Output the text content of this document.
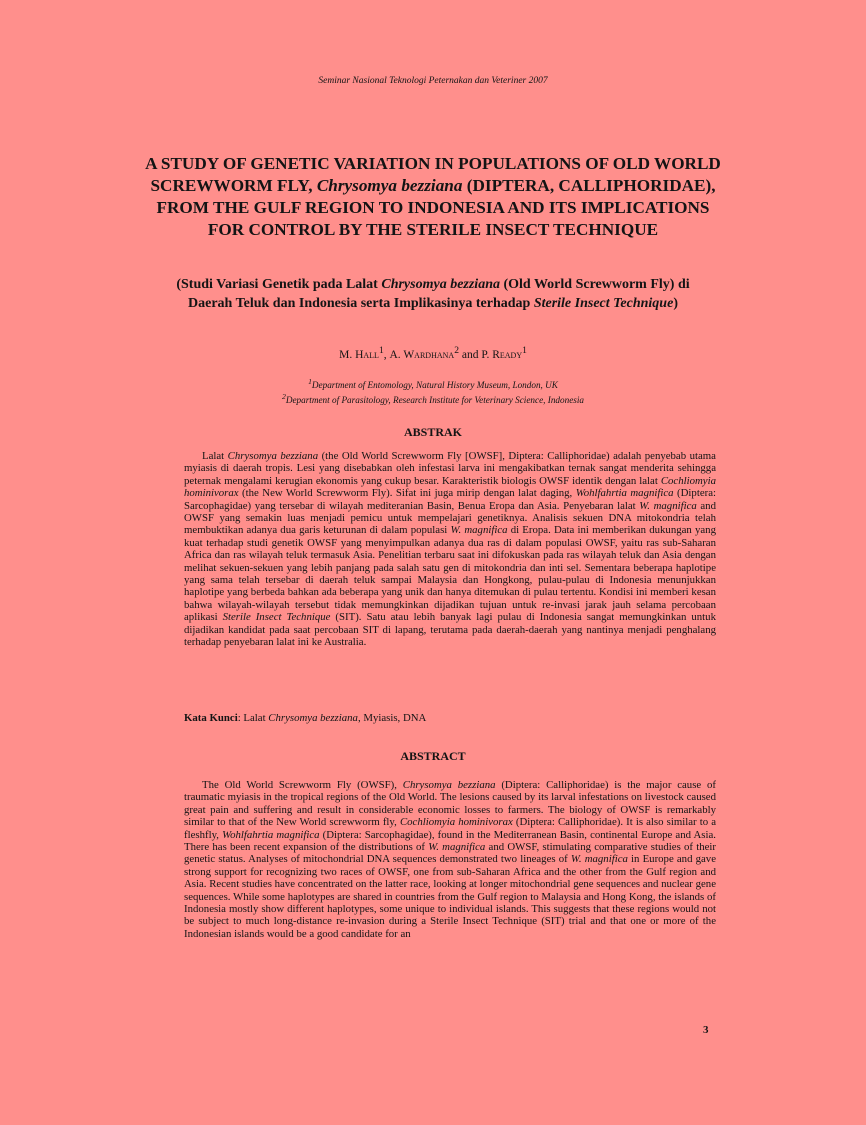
Seminar Nasional Teknologi Peternakan dan Veteriner 2007
A STUDY OF GENETIC VARIATION IN POPULATIONS OF OLD WORLD SCREWWORM FLY, Chrysomya bezziana (DIPTERA, CALLIPHORIDAE), FROM THE GULF REGION TO INDONESIA AND ITS IMPLICATIONS FOR CONTROL BY THE STERILE INSECT TECHNIQUE
(Studi Variasi Genetik pada Lalat Chrysomya bezziana (Old World Screwworm Fly) di Daerah Teluk dan Indonesia serta Implikasinya terhadap Sterile Insect Technique)
M. Hall$^1$, A. Wardhana$^2$ and P. Ready$^1$
$^1$Department of Entomology, Natural History Museum, London, UK
$^2$Department of Parasitology, Research Institute for Veterinary Science, Indonesia
ABSTRAK

Lalat Chrysomya bezziana (the Old World Screwworm Fly [OWSF], Diptera: Calliphoridae) adalah penyebab utama myiasis di daerah tropis. Lesi yang disebabkan oleh infestasi larva ini mengakibatkan ternak sangat menderita sehingga peternak mengalami kerugian ekonomis yang cukup besar. Karakteristik biologis OWSF identik dengan lalat Cochliomyia hominivorax (the New World Screwworm Fly). Sifat ini juga mirip dengan lalat daging, Wohlfahrtia magnifica (Diptera: Sarcophagidae) yang tersebar di wilayah mediteranian Basin, Benua Eropa dan Asia. Penyebaran lalat W. magnifica and OWSF yang semakin luas menjadi pemicu untuk mempelajari genetiknya. Analisis sekuen DNA mitokondria telah membuktikan adanya dua garis keturunan di dalam populasi W. magnifica di Eropa. Data ini memberikan dukungan yang kuat terhadap studi genetik OWSF yang menyimpulkan adanya dua ras di dalam populasi OWSF, yaitu ras sub-Saharan Africa dan ras wilayah teluk termasuk Asia. Penelitian terbaru saat ini difokuskan pada ras wilayah teluk dan Asia dengan melihat sekuen-sekuen yang lebih panjang pada salah satu gen di mitokondria dan inti sel. Sementara beberapa haplotipe yang sama telah tersebar di daerah teluk sampai Malaysia dan Hongkong, pulau-pulau di Indonesia menunjukkan haplotipe yang berbeda bahkan ada beberapa yang unik dan hanya ditemukan di pulau tertentu. Kondisi ini memberi kesan bahwa wilayah-wilayah tersebut tidak memungkinkan dijadikan tujuan untuk re-invasi jarak jauh selama percobaan aplikasi Sterile Insect Technique (SIT). Satu atau lebih banyak lagi pulau di Indonesia sangat memungkinkan untuk dijadikan kandidat pada saat percobaan SIT di lapang, terutama pada daerah-daerah yang nantinya menjadi penghalang terhadap penyebaran lalat ini ke Australia.

Kata Kunci: Lalat Chrysomya bezziana, Myiasis, DNA
ABSTRACT

The Old World Screwworm Fly (OWSF), Chrysomya bezziana (Diptera: Calliphoridae) is the major cause of traumatic myiasis in the tropical regions of the Old World. The lesions caused by its larval infestations on livestock caused great pain and suffering and result in considerable economic losses to farmers. The biology of OWSF is remarkably similar to that of the New World screwworm fly, Cochliomyia hominivorax (Diptera: Calliphoridae). It is also similar to a fleshfly, Wohlfahrtia magnifica (Diptera: Sarcophagidae), found in the Mediterranean Basin, continental Europe and Asia. There has been recent expansion of the distributions of W. magnifica and OWSF, stimulating comparative studies of their genetic status. Analyses of mitochondrial DNA sequences demonstrated two lineages of W. magnifica in Europe and gave strong support for recognizing two races of OWSF, one from sub-Saharan Africa and the other from the Gulf region and Asia. Recent studies have concentrated on the latter race, looking at longer mitochondrial gene sequences and nuclear gene sequences. While some haplotypes are shared in countries from the Gulf region to Malaysia and Hong Kong, the islands of Indonesia mostly show different haplotypes, some unique to individual islands. This suggests that these regions would not be subject to much long-distance re-invasion during a Sterile Insect Technique (SIT) trial and that one or more of the Indonesian islands would be a good candidate for an

3
